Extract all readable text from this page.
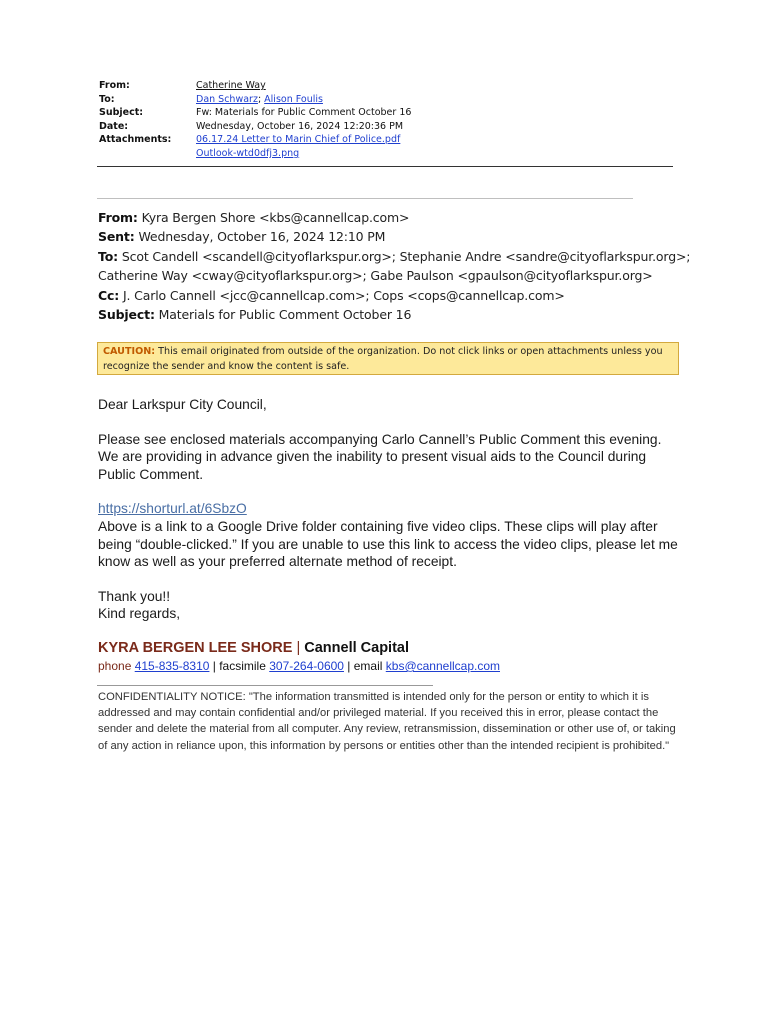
From:	Catherine Way
To:	Dan Schwarz; Alison Foulis
Subject:	Fw: Materials for Public Comment October 16
Date:	Wednesday, October 16, 2024 12:20:36 PM
Attachments:	06.17.24 Letter to Marin Chief of Police.pdf
Outlook-wtd0dfj3.png
From: Kyra Bergen Shore <kbs@cannellcap.com>
Sent: Wednesday, October 16, 2024 12:10 PM
To: Scot Candell <scandell@cityoflarkspur.org>; Stephanie Andre <sandre@cityoflarkspur.org>;
Catherine Way <cway@cityoflarkspur.org>; Gabe Paulson <gpaulson@cityoflarkspur.org>
Cc: J. Carlo Cannell <jcc@cannellcap.com>; Cops <cops@cannellcap.com>
Subject: Materials for Public Comment October 16
CAUTION: This email originated from outside of the organization. Do not click links or open attachments unless you
recognize the sender and know the content is safe.

Dear Larkspur City Council,

Please see enclosed materials accompanying Carlo Cannell’s Public Comment this evening. We are providing in advance given the inability to present visual aids to the Council during Public Comment.

https://shorturl.at/6SbzO

Above is a link to a Google Drive folder containing five video clips. These clips will play after being “double-clicked.” If you are unable to use this link to access the video clips, please let me know as well as your preferred alternate method of receipt.

Thank you!!

Kind regards,

KYRA BERGEN LEE SHORE | Cannell Capital
phone 415-835-8310 | facsimile 307-264-0600 | email kbs@cannellcap.com
CONFIDENTIALITY NOTICE: "The information transmitted is intended only for the person or entity to which it is addressed and may contain confidential and/or privileged material. If you received this in error, please contact the sender and delete the material from all computer. Any review, retransmission, dissemination or other use of, or taking of any action in reliance upon, this information by persons or entities other than the intended recipient is prohibited."
